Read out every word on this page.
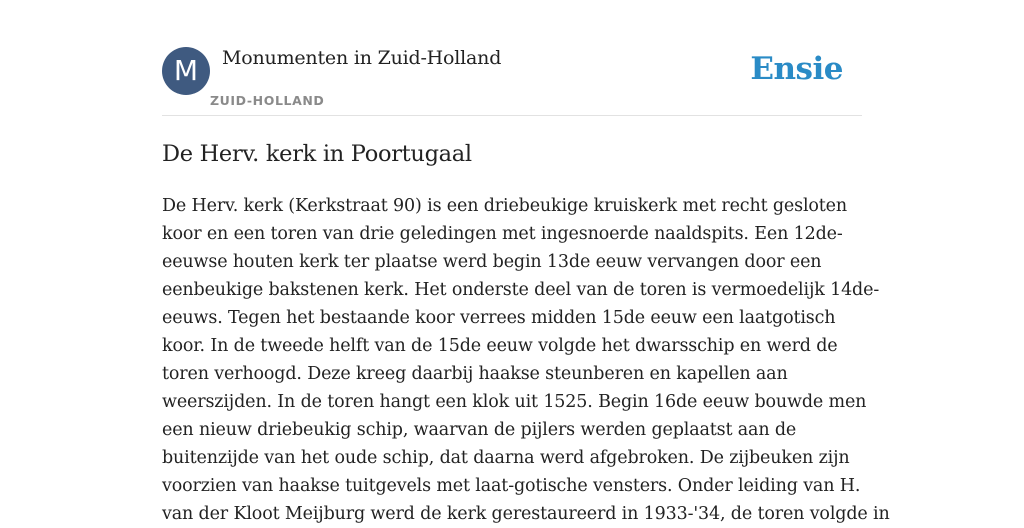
M	Monumenten in Zuid-Holland
ZUID-HOLLAND
Ensie
De Herv. kerk in Poortugaal
De Herv. kerk (Kerkstraat 90) is een driebeukige kruiskerk met recht gesloten
koor en een toren van drie geledingen met ingesnoerde naaldspits. Een 12de-
eeuwse houten kerk ter plaatse werd begin 13de eeuw vervangen door een
eenbeukige bakstenen kerk. Het onderste deel van de toren is vermoedelijk 14de-
eeuws. Tegen het bestaande koor verrees midden 15de eeuw een laatgotisch
koor. In de tweede helft van de 15de eeuw volgde het dwarsschip en werd de
toren verhoogd. Deze kreeg daarbij haakse steunberen en kapellen aan
weerszijden. In de toren hangt een klok uit 1525. Begin 16de eeuw bouwde men
een nieuw driebeukig schip, waarvan de pijlers werden geplaatst aan de
buitenzijde van het oude schip, dat daarna werd afgebroken. De zijbeuken zijn
voorzien van haakse tuitgevels met laat-gotische vensters. Onder leiding van H.
van der Kloot Meijburg werd de kerk gerestaureerd in 1933-'34, de toren volgde in
